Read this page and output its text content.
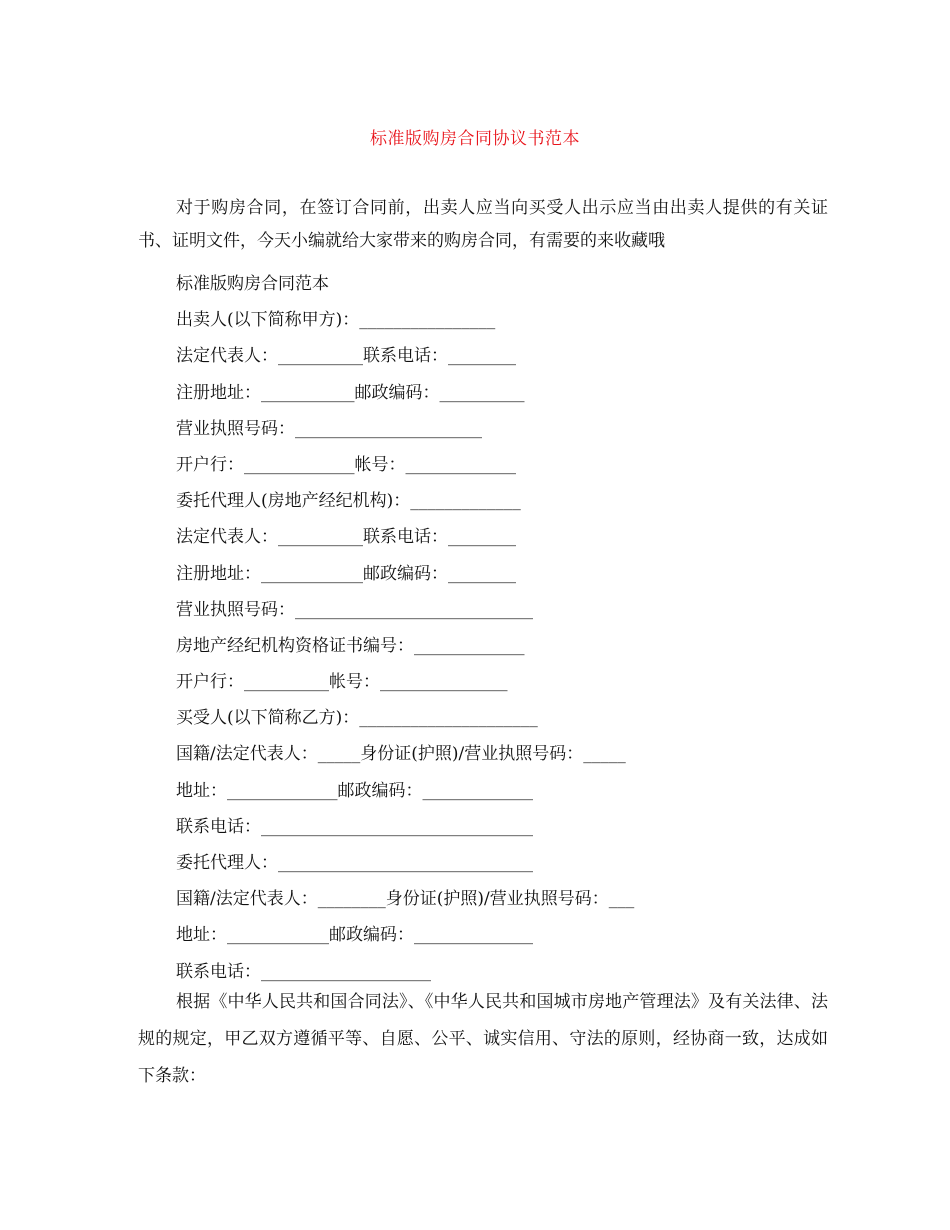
标准版购房合同协议书范本

对于购房合同，在签订合同前，出卖人应当向买受人出示应当由出卖人提供的有关证书、证明文件，今天小编就给大家带来的购房合同，有需要的来收藏哦

标准版购房合同范本
出卖人(以下简称甲方)：________________
法定代表人：__________联系电话：________
注册地址：___________邮政编码：__________
营业执照号码：______________________
开户行：_____________帐号：_____________
委托代理人(房地产经纪机构)：_____________
法定代表人：__________联系电话：________
注册地址：____________邮政编码：________
营业执照号码：____________________________
房地产经纪机构资格证书编号：_____________
开户行：__________帐号：_______________
买受人(以下简称乙方)：_____________________
国籍/法定代表人：_____身份证(护照)/营业执照号码：_____
地址：_____________邮政编码：_____________
联系电话：________________________________
委托代理人：______________________________
国籍/法定代表人：________身份证(护照)/营业执照号码：___
地址：____________邮政编码：______________
联系电话：____________________

根据《中华人民共和国合同法》、《中华人民共和国城市房地产管理法》及有关法律、法规的规定，甲乙双方遵循平等、自愿、公平、诚实信用、守法的原则，经协商一致，达成如下条款：
